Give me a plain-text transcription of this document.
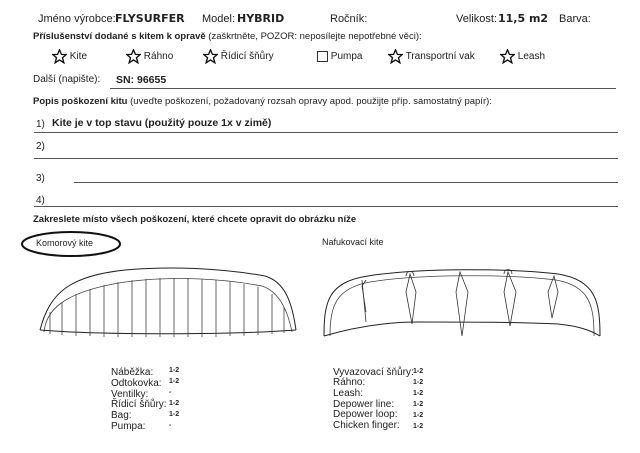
Jméno výrobce: FLYSURFER Model: HYBRID	Ročník:	Velikost: 11,5 m2 Barva:
Příslušenství dodané s kitem k opravě (zaškrtněte, POZOR: neposílejte nepotřebné věci):
Kite	Ráhno	Řídicí šňůry	Pumpa	Transportní vak	Leash
Další (napište): SN: 96655
Popis poškození kitu (uveďte poškození, požadovaný rozsah opravy apod. použijte příp. samostatný papír):
1) Kite je v top stavu (použitý pouze 1x v zimě)
2)
3)
4)
Zakreslete místo všech poškození, které chcete opravit do obrázku níže
Komorový kite	Nafukovací kite
Náběžka: 1-2
Odtokovka: 1-2
Ventilky:	-
Řídicí šňůry: 1-2
Bag:	1-2
Pumpa:	-
Vyvazovací šňůry: 1-2
Ráhno:	1-2
Leash:	1-2
Depower line:	1-2
Depower loop: 1-2
Chicken finger: 1-2
